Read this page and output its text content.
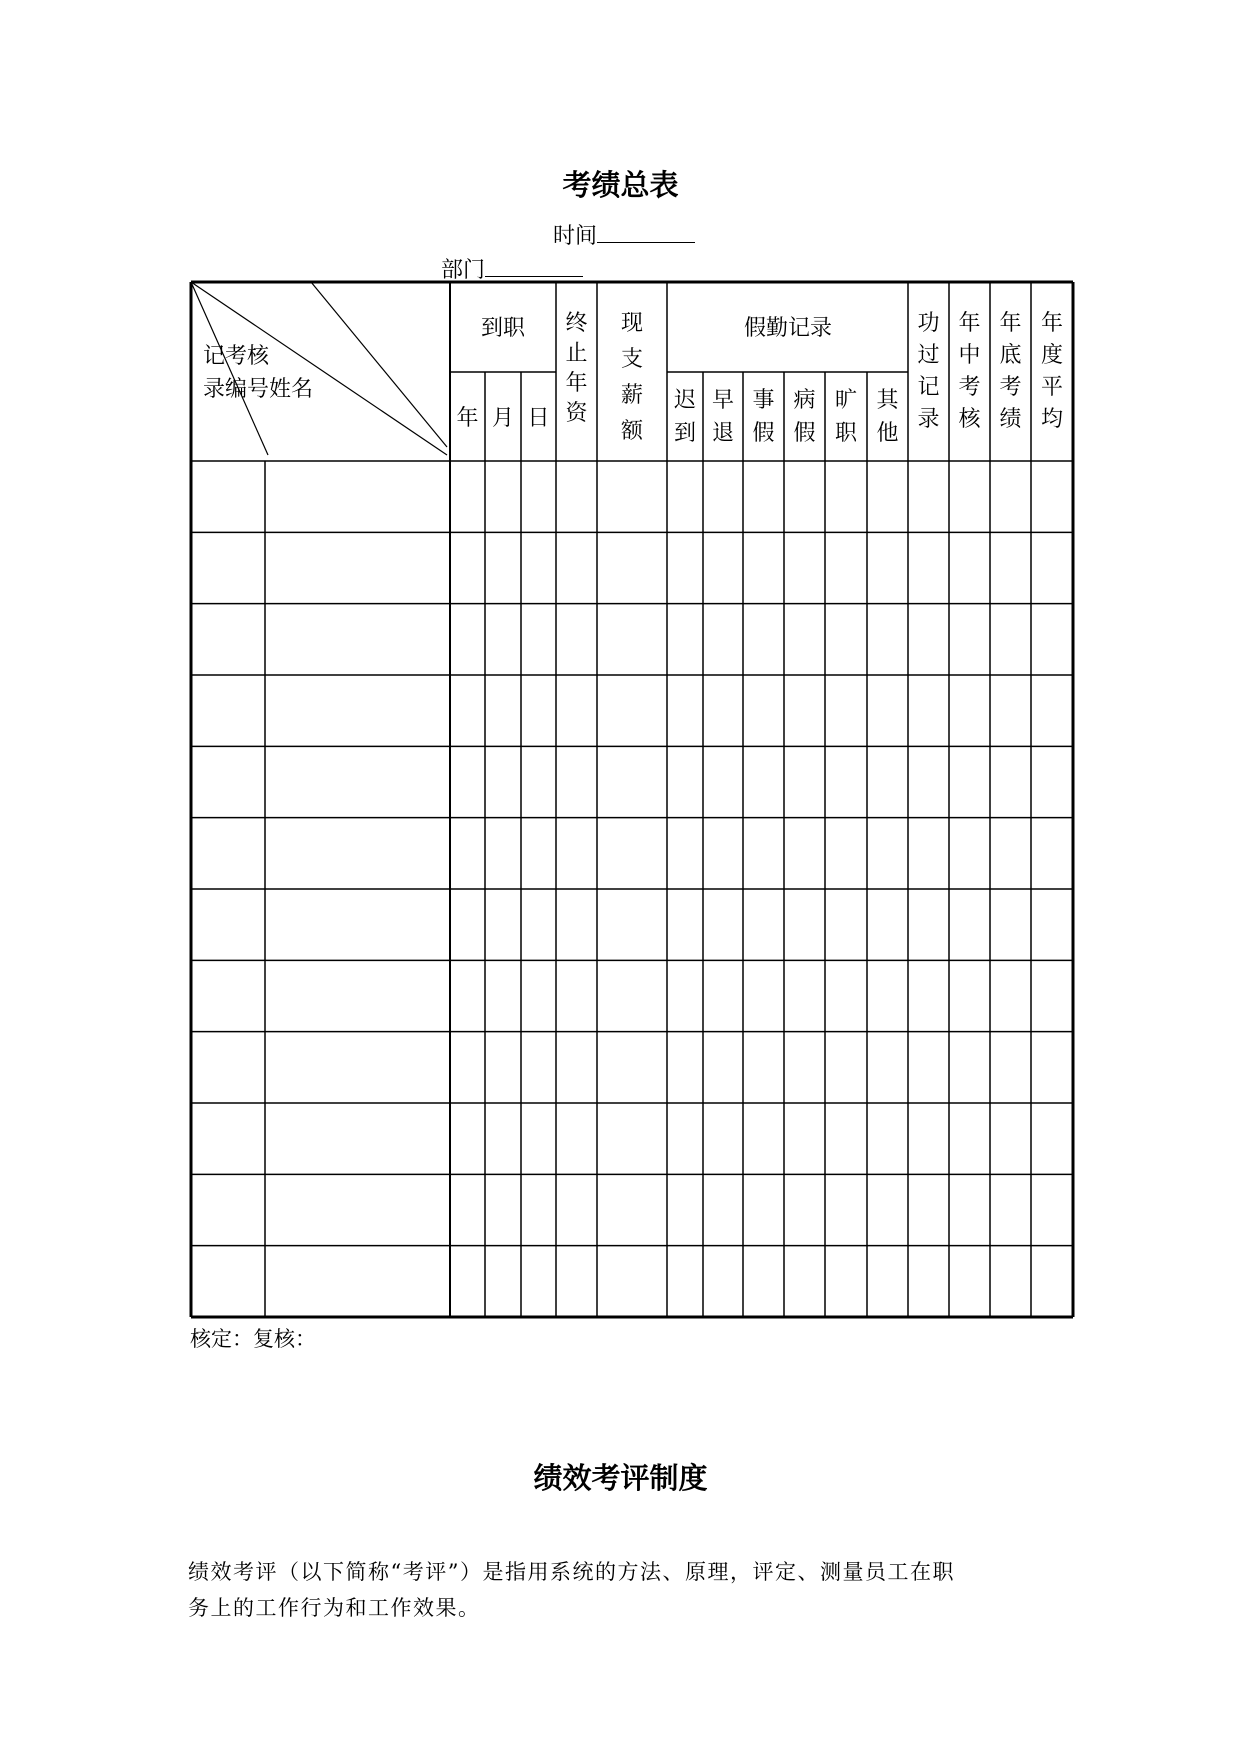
考绩总表
时间
部门
记考核
录编号姓名
到职	假勤记录
年 月 日
终
止
年
资
现
支
薪
额
迟
到
早
退
事
假
病
假
旷
职
其
他
功
过
记
录
年
中
考
核
年
底
考
绩
年
度
平
均
核定：复核：
绩效考评制度
绩效考评（以下简称“考评”）是指用系统的方法、原理，评定、测量员工在职
务上的工作行为和工作效果。
